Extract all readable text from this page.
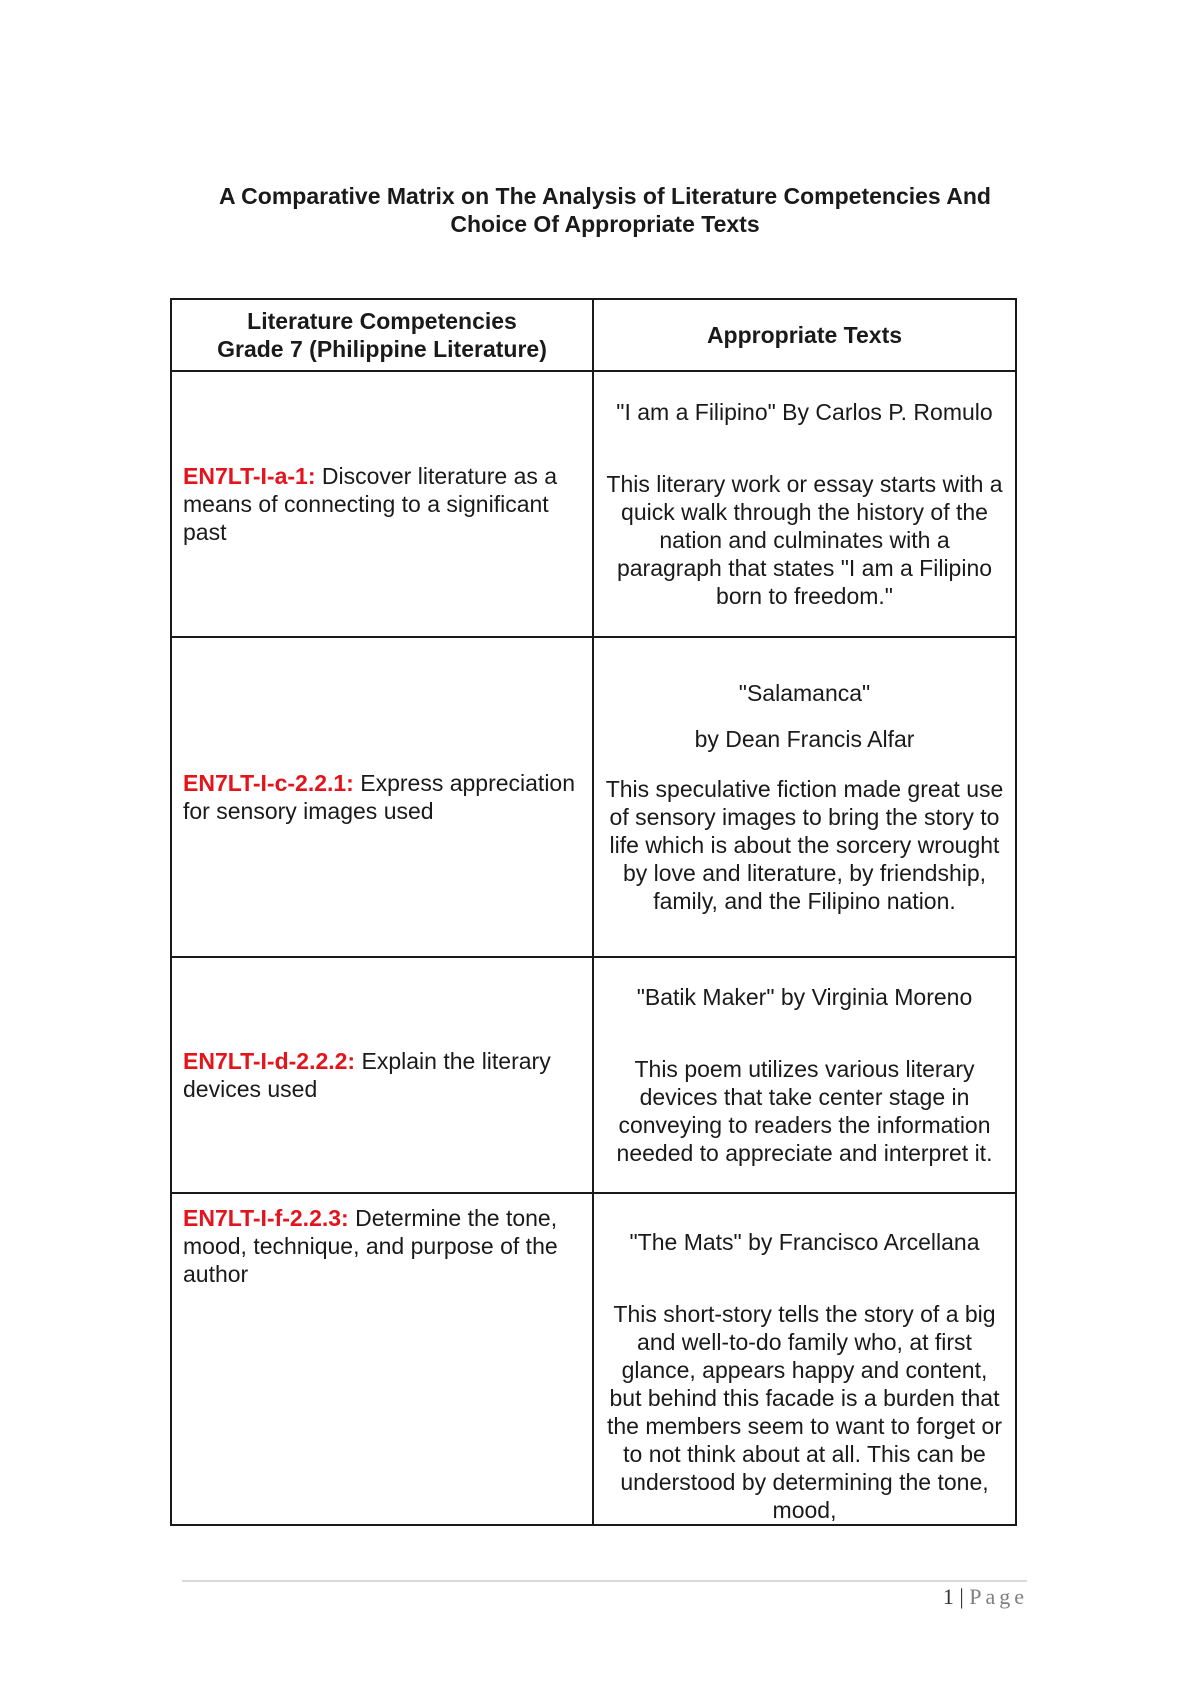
A Comparative Matrix on The Analysis of Literature Competencies And
Choice Of Appropriate Texts
Literature Competencies
Grade 7 (Philippine Literature)	Appropriate Texts
EN7LT-I-a-1: Discover literature as a means of connecting to a significant past	"I am a Filipino" By Carlos P. Romulo

This literary work or essay starts with a quick walk through the history of the nation and culminates with a paragraph that states "I am a Filipino born to freedom."

EN7LT-I-c-2.2.1: Express appreciation for sensory images used	"Salamanca"

by Dean Francis Alfar

This speculative fiction made great use of sensory images to bring the story to life which is about the sorcery wrought by love and literature, by friendship, family, and the Filipino nation.

EN7LT-I-d-2.2.2: Explain the literary devices used	"Batik Maker" by Virginia Moreno

This poem utilizes various literary devices that take center stage in conveying to readers the information needed to appreciate and interpret it.

EN7LT-I-f-2.2.3: Determine the tone, mood, technique, and purpose of the author	"The Mats" by Francisco Arcellana

This short-story tells the story of a big and well-to-do family who, at first glance, appears happy and content, but behind this facade is a burden that the members seem to want to forget or to not think about at all. This can be understood by determining the tone, mood,

1 | Page
